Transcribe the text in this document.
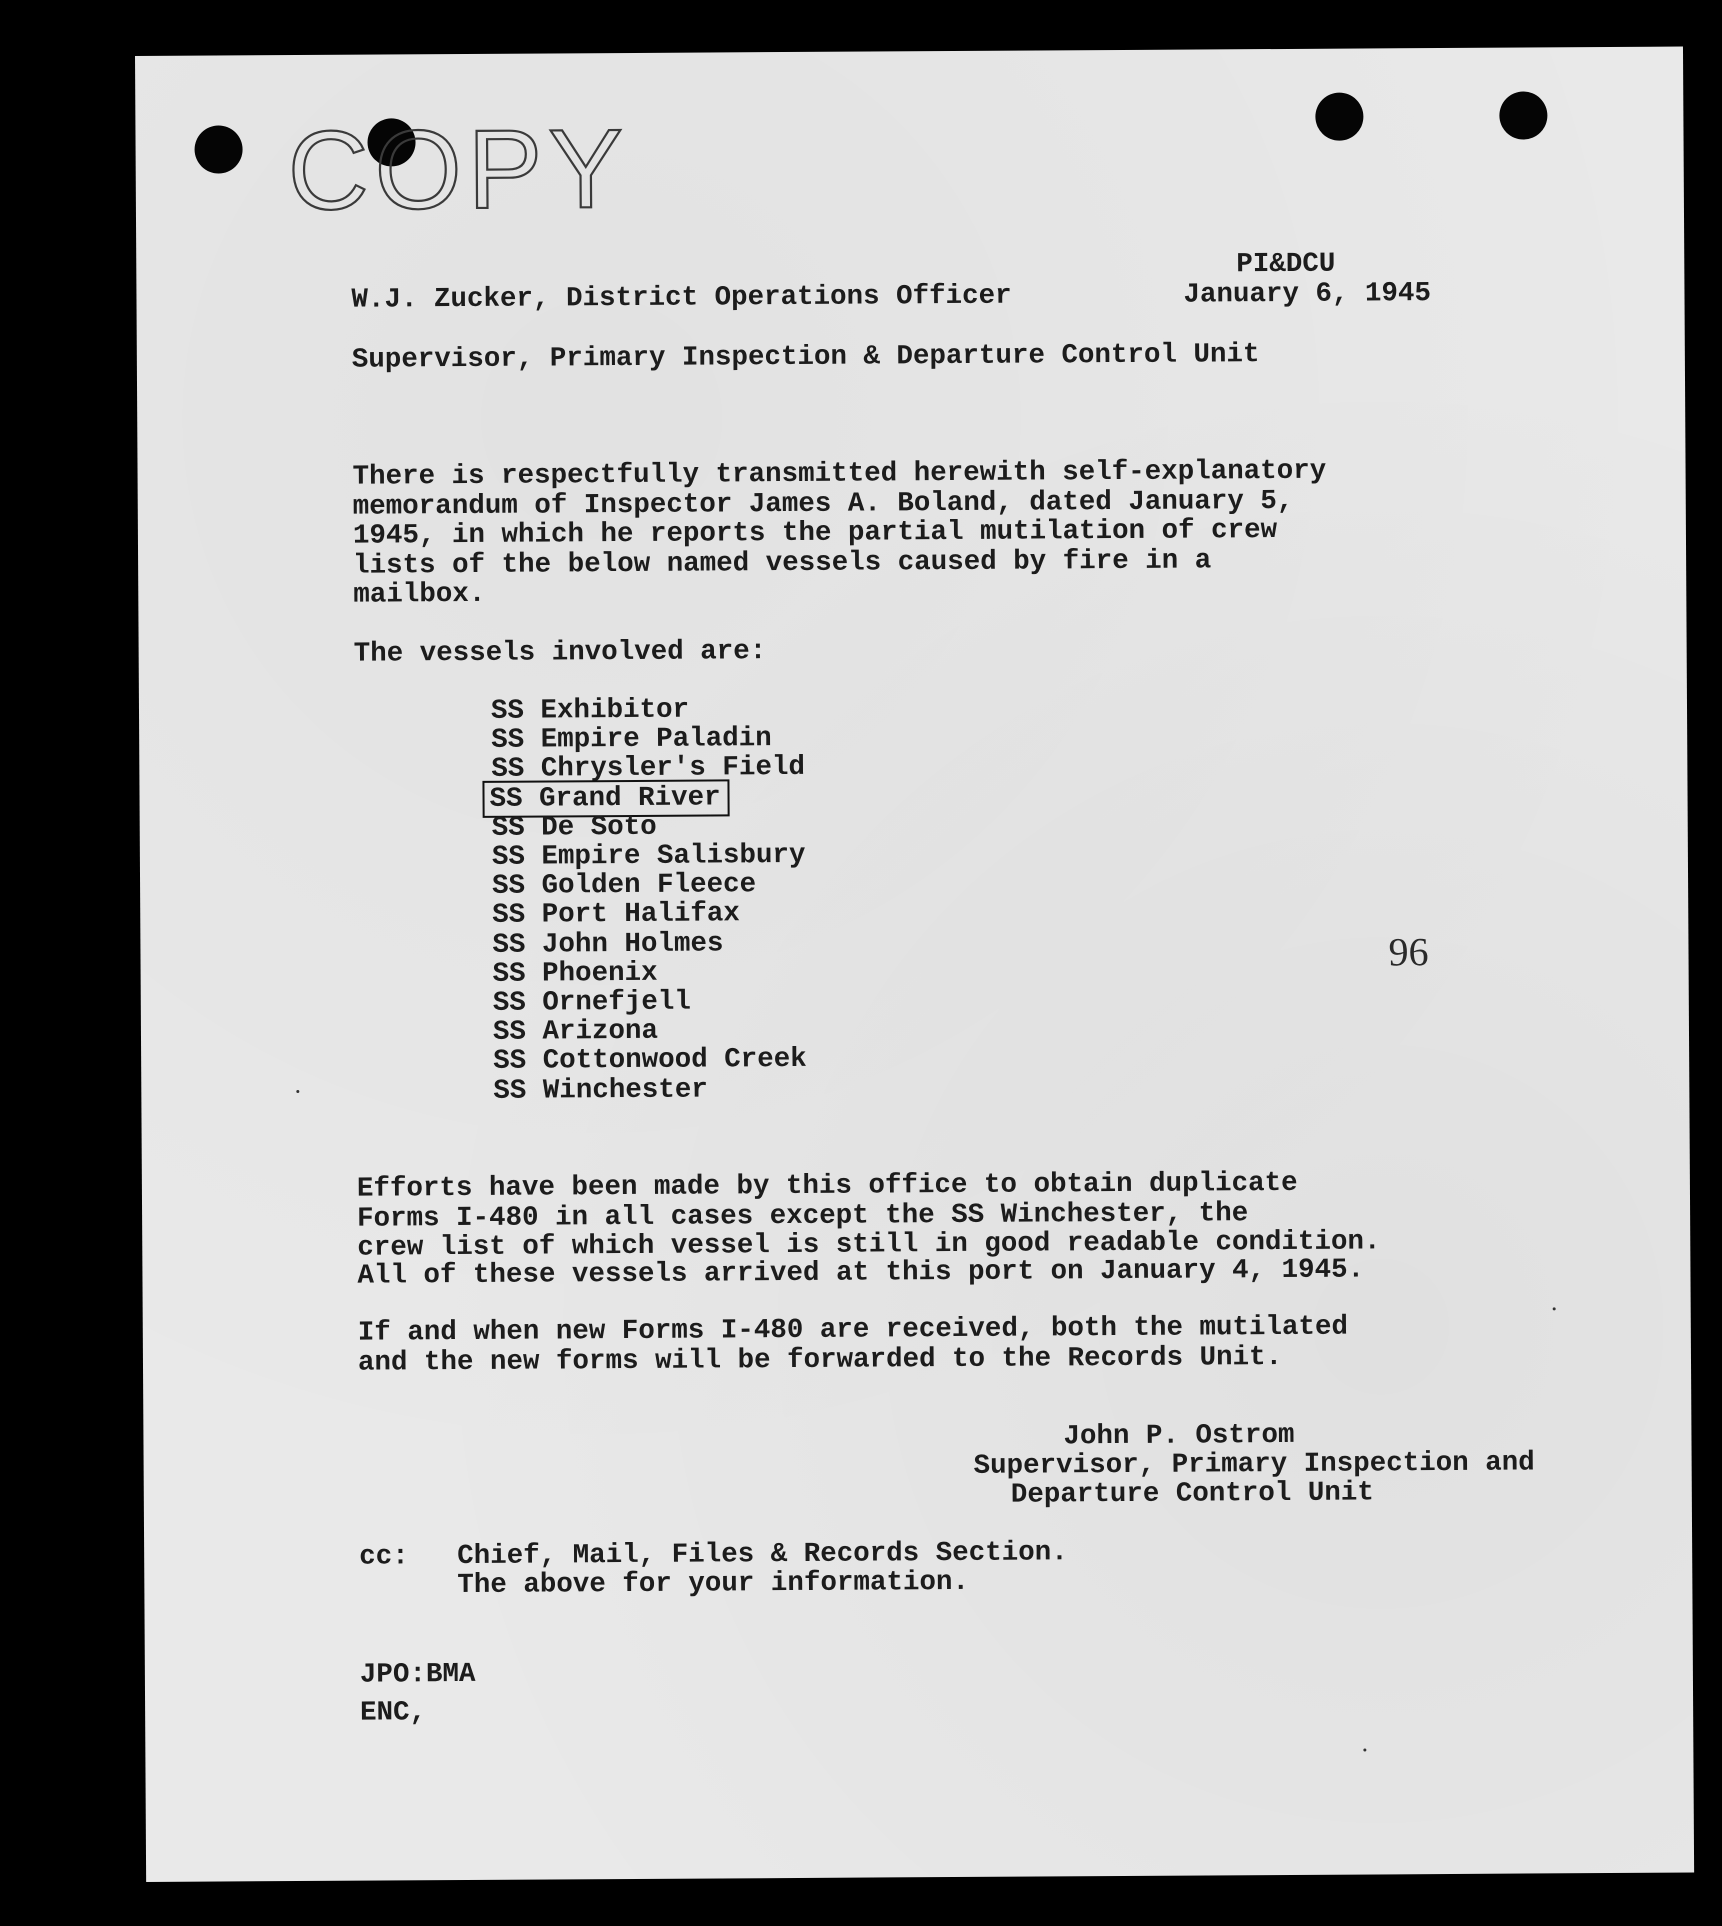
COPY
PI&DCU
W.J. Zucker, District Operations Officer	January 6, 1945
Supervisor, Primary Inspection & Departure Control Unit
There is respectfully transmitted herewith self-explanatory
memorandum of Inspector James A. Boland, dated January 5,
1945, in which he reports the partial mutilation of crew
lists of the below named vessels caused by fire in a
mailbox.
The vessels involved are:
SS Exhibitor
SS Empire Paladin
SS Chrysler's Field
SS Grand River
SS De Soto
SS Empire Salisbury
SS Golden Fleece
SS Port Halifax
SS John Holmes
SS Phoenix
SS Ornefjell
SS Arizona
SS Cottonwood Creek
SS Winchester
96
Efforts have been made by this office to obtain duplicate
Forms I-480 in all cases except the SS Winchester, the
crew list of which vessel is still in good readable condition.
All of these vessels arrived at this port on January 4, 1945.
If and when new Forms I-480 are received, both the mutilated
and the new forms will be forwarded to the Records Unit.
John P. Ostrom
Supervisor, Primary Inspection and
Departure Control Unit
cc: Chief, Mail, Files & Records Section.
The above for your information.
JPO:BMA
ENC,
